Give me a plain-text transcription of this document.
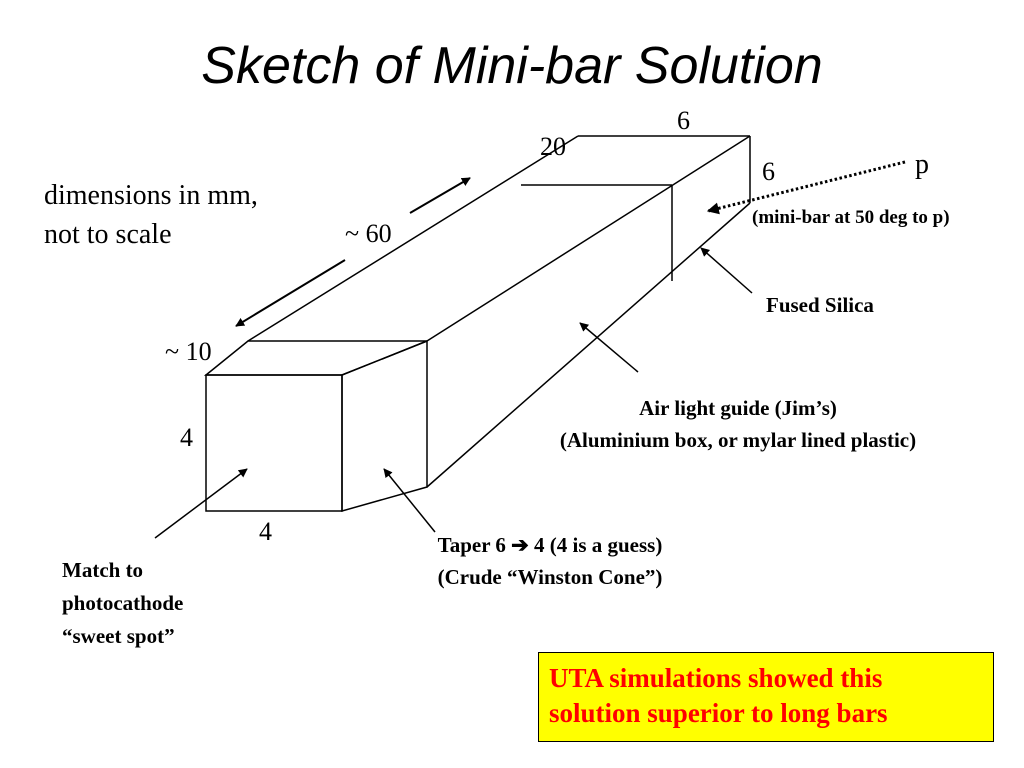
Sketch of Mini-bar Solution
dimensions in mm,
not to scale
6
20
6
~ 60
~ 10
4
4
p
(mini-bar at 50 deg to p)
Fused Silica
Air light guide (Jim’s)
(Aluminium box, or mylar lined plastic)
Taper 6 ➔ 4 (4 is a guess)
(Crude “Winston Cone”)
Match to
photocathode
“sweet spot”
UTA simulations showed this
solution superior to long bars
